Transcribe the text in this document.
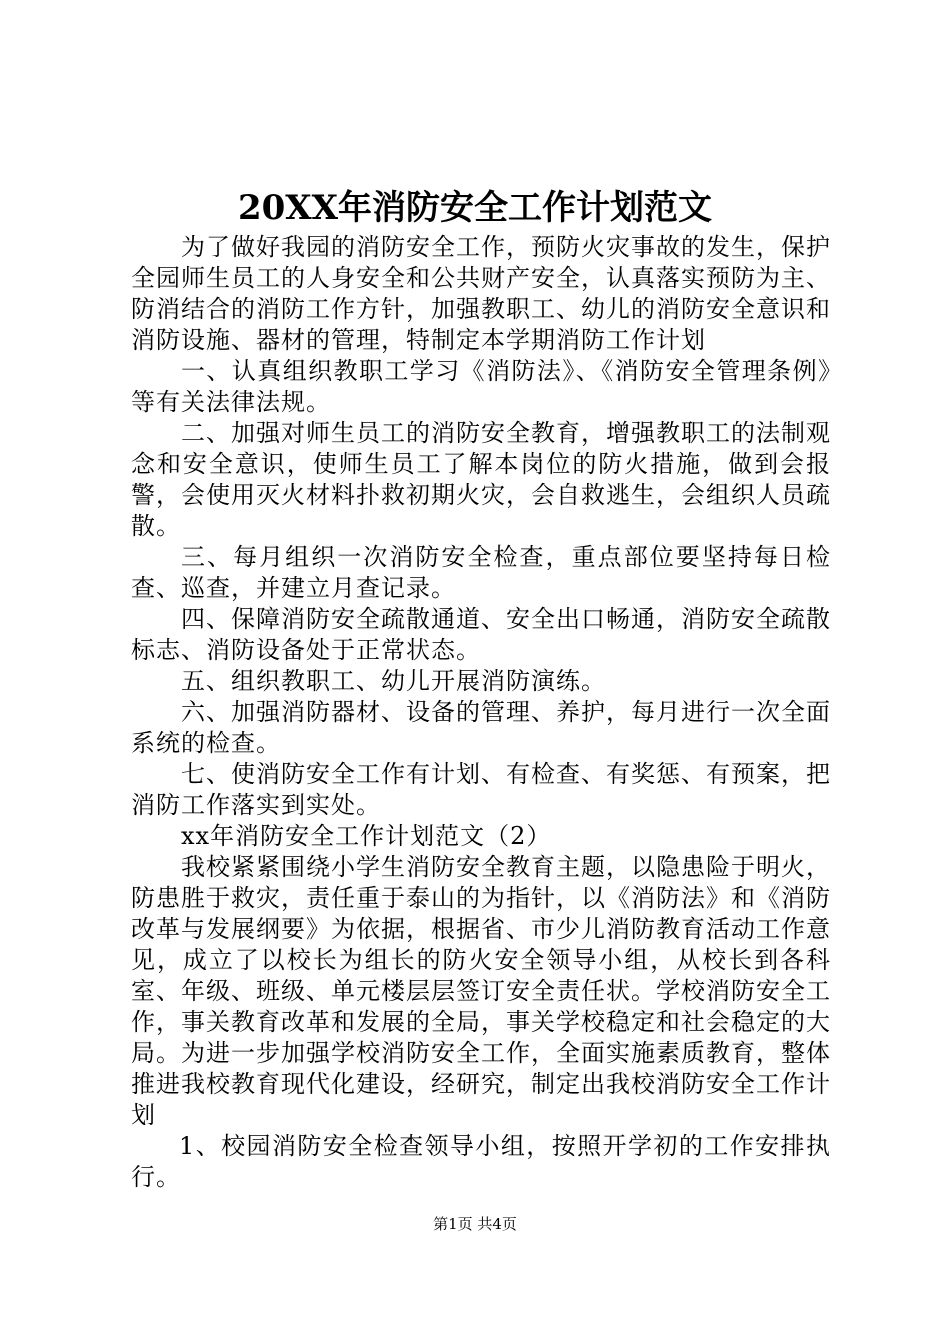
20XX年消防安全工作计划范文

为了做好我园的消防安全工作，预防火灾事故的发生，保护全园师生员工的人身安全和公共财产安全，认真落实预防为主、防消结合的消防工作方针，加强教职工、幼儿的消防安全意识和消防设施、器材的管理，特制定本学期消防工作计划

一、认真组织教职工学习《消防法》、《消防安全管理条例》等有关法律法规。

二、加强对师生员工的消防安全教育，增强教职工的法制观念和安全意识，使师生员工了解本岗位的防火措施，做到会报警，会使用灭火材料扑救初期火灾，会自救逃生，会组织人员疏散。

三、每月组织一次消防安全检查，重点部位要坚持每日检查、巡查，并建立月查记录。

四、保障消防安全疏散通道、安全出口畅通，消防安全疏散标志、消防设备处于正常状态。

五、组织教职工、幼儿开展消防演练。

六、加强消防器材、设备的管理、养护，每月进行一次全面系统的检查。

七、使消防安全工作有计划、有检查、有奖惩、有预案，把消防工作落实到实处。

xx年消防安全工作计划范文（2）

我校紧紧围绕小学生消防安全教育主题，以隐患险于明火，防患胜于救灾，责任重于泰山的为指针，以《消防法》和《消防改革与发展纲要》为依据，根据省、市少儿消防教育活动工作意见，成立了以校长为组长的防火安全领导小组，从校长到各科室、年级、班级、单元楼层层签订安全责任状。学校消防安全工作，事关教育改革和发展的全局，事关学校稳定和社会稳定的大局。为进一步加强学校消防安全工作，全面实施素质教育，整体推进我校教育现代化建设，经研究，制定出我校消防安全工作计划

1、校园消防安全检查领导小组，按照开学初的工作安排执行。

第1页 共4页
